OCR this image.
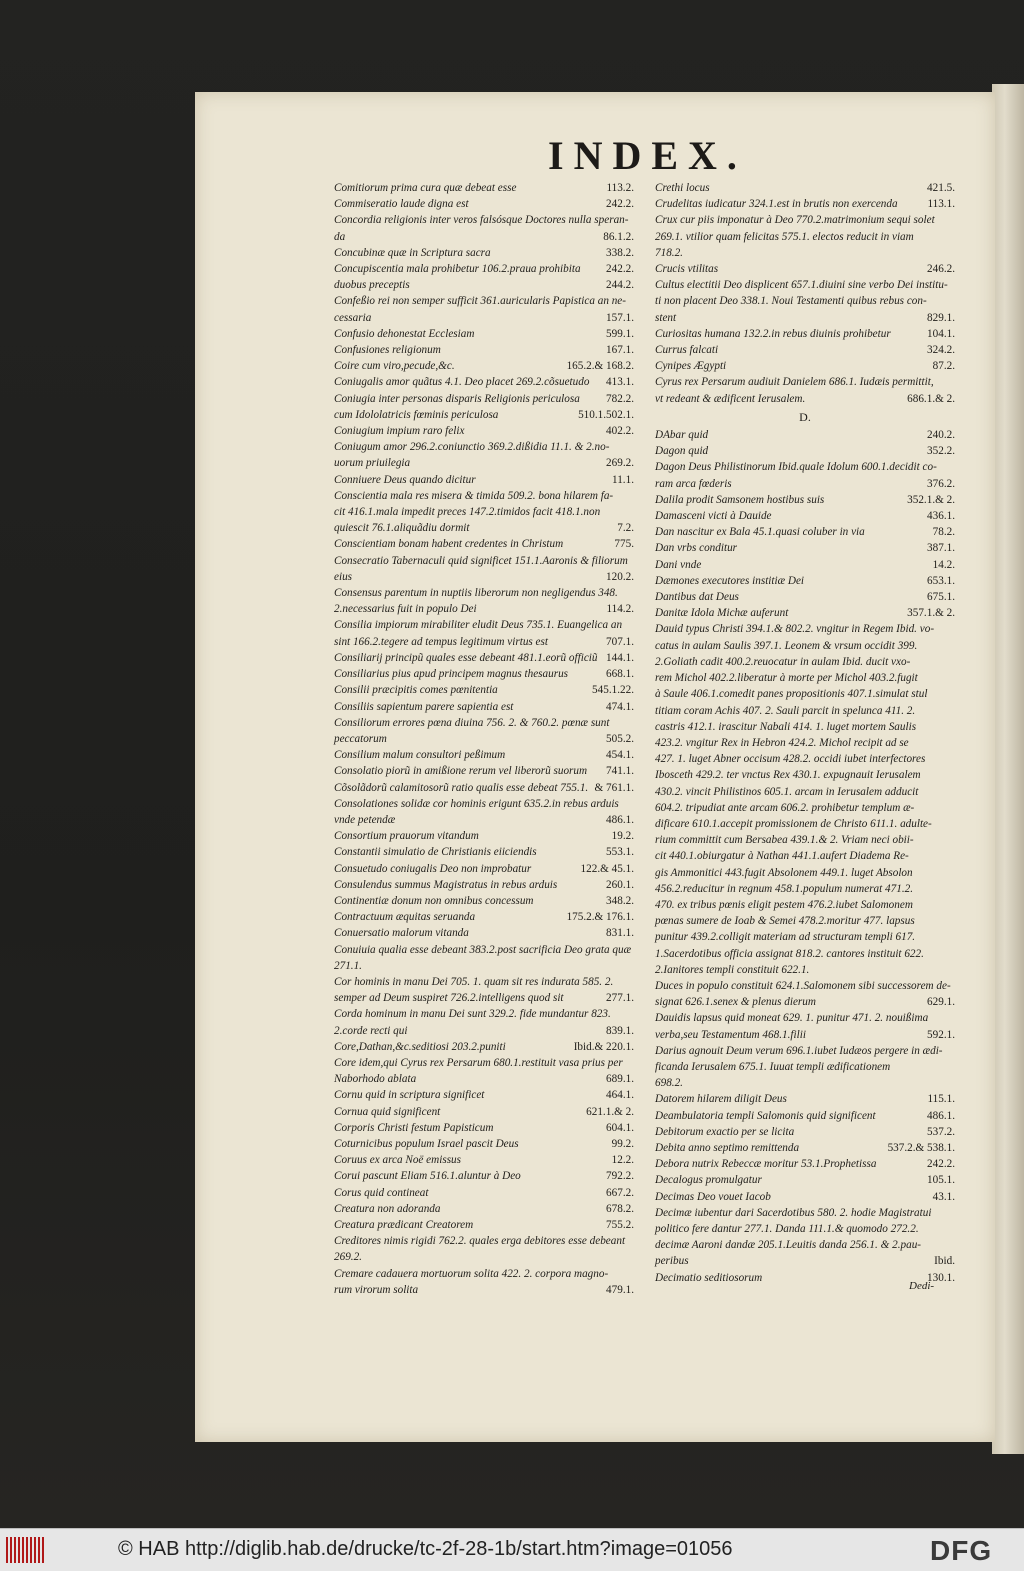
INDEX.
Comitiorum prima cura quæ debeat esse	113.2.
Commiseratio laude digna est	242.2.
Concordia religionis inter veros falsósque Doctores nulla speran-
da	86.1.2.
Concubinæ quæ in Scriptura sacra	338.2.
Concupiscentia mala prohibetur 106.2.praua prohibita 242.2.
duobus preceptis	244.2.
Confeßio rei non semper sufficit 361.auricularis Papistica an ne-
cessaria	157.1.
Confusio dehonestat Ecclesiam	599.1.
Confusiones religionum	167.1.
Coire cum viro,pecude,&c.	165.2.& 168.2.
Coniugalis amor quãtus 4.1. Deo placet 269.2.cõsuetudo 413.1.
Coniugia inter personas disparis Religionis periculosa 782.2.
cum Idololatricis fœminis periculosa	510.1.502.1.
Coniugium impium raro felix	402.2.
Coniugum amor 296.2.coniunctio 369.2.dißidia 11.1. & 2.no-
uorum priuilegia	269.2.
Conniuere Deus quando dicitur	11.1.
Conscientia mala res misera & timida 509.2. bona hilarem fa-
cit 416.1.mala impedit preces 147.2.timidos facit 418.1.non
quiescit 76.1.aliquãdiu dormit	7.2.
Conscientiam bonam habent credentes in Christum	775.
Consecratio Tabernaculi quid significet 151.1.Aaronis & filiorum
eius	120.2.
Consensus parentum in nuptiis liberorum non negligendus 348.
2.necessarius fuit in populo Dei	114.2.
Consilia impiorum mirabiliter eludit Deus 735.1. Euangelica an
sint 166.2.tegere ad tempus legitimum virtus est	707.1.
Consiliarij principũ quales esse debeant 481.1.eorũ officiũ 144.1.
Consiliarius pius apud principem magnus thesaurus	668.1.
Consilii præcipitis comes pœnitentia	545.1.22.
Consiliis sapientum parere sapientia est	474.1.
Consiliorum errores pœna diuina 756. 2. & 760.2. pœnæ sunt
peccatorum	505.2.
Consilium malum consultori peßimum	454.1.
Consolatio piorũ in amißione rerum vel liberorũ suorum 741.1.
Cõsolãdorũ calamitosorũ ratio qualis esse debeat 755.1. & 761.1.
Consolationes solidæ cor hominis erigunt 635.2.in rebus arduis
vnde petendæ	486.1.
Consortium prauorum vitandum	19.2.
Constantii simulatio de Christianis eiiciendis	553.1.
Consuetudo coniugalis Deo non improbatur	122.& 45.1.
Consulendus summus Magistratus in rebus arduis	260.1.
Continentiæ donum non omnibus concessum	348.2.
Contractuum æquitas seruanda	175.2.& 176.1.
Conuersatio malorum vitanda	831.1.
Conuiuia qualia esse debeant 383.2.post sacrificia Deo grata quæ
271.1.
Cor hominis in manu Dei 705. 1. quam sit res indurata 585. 2.
semper ad Deum suspiret 726.2.intelligens quod sit	277.1.
Corda hominum in manu Dei sunt 329.2. fide mundantur 823.
2.corde recti qui	839.1.
Core,Dathan,&c.seditiosi 203.2.puniti	Ibid.& 220.1.
Core idem,qui Cyrus rex Persarum 680.1.restituit vasa prius per
Naborhodo ablata	689.1.
Cornu quid in scriptura significet	464.1.
Cornua quid significent	621.1.& 2.
Corporis Christi festum Papisticum	604.1.
Coturnicibus populum Israel pascit Deus	99.2.
Coruus ex arca Noë emissus	12.2.
Corui pascunt Eliam 516.1.aluntur à Deo	792.2.
Corus quid contineat	667.2.
Creatura non adoranda	678.2.
Creatura prædicant Creatorem	755.2.
Creditores nimis rigidi 762.2. quales erga debitores esse debeant
269.2.
Cremare cadauera mortuorum solita 422. 2. corpora magno-
rum virorum solita	479.1.
Crethi locus	421.5.
Crudelitas iudicatur 324.1.est in brutis non exercenda	113.1.
Crux cur piis imponatur à Deo 770.2.matrimonium sequi solet
269.1. vtilior quam felicitas 575.1. electos reducit in viam
718.2.
Crucis vtilitas	246.2.
Cultus electitii Deo displicent 657.1.diuini sine verbo Dei institu-
ti non placent Deo 338.1. Noui Testamenti quibus rebus con-
stent	829.1.
Curiositas humana 132.2.in rebus diuinis prohibetur	104.1.
Currus falcati	324.2.
Cynipes Ægypti	87.2.
Cyrus rex Persarum audiuit Danielem 686.1. Iudæis permittit,
vt redeant & ædificent Ierusalem.	686.1.& 2.
D.
DAbar quid	240.2.
Dagon quid	352.2.
Dagon Deus Philistinorum Ibid.quale Idolum 600.1.decidit co-
ram arca fœderis	376.2.
Dalila prodit Samsonem hostibus suis	352.1.& 2.
Damasceni victi à Dauide	436.1.
Dan nascitur ex Bala 45.1.quasi coluber in via	78.2.
Dan vrbs conditur	387.1.
Dani vnde	14.2.
Dæmones executores institiæ Dei	653.1.
Dantibus dat Deus	675.1.
Danitæ Idola Michæ auferunt	357.1.& 2.
Dauid typus Christi 394.1.& 802.2. vngitur in Regem Ibid. vo-
catus in aulam Saulis 397.1. Leonem & vrsum occidit 399.
2.Goliath cadit 400.2.reuocatur in aulam Ibid. ducit vxo-
rem Michol 402.2.liberatur à morte per Michol 403.2.fugit
à Saule 406.1.comedit panes propositionis 407.1.simulat stul
titiam coram Achis 407. 2. Sauli parcit in spelunca 411. 2.
castris 412.1. irascitur Nabali 414. 1. luget mortem Saulis
423.2. vngitur Rex in Hebron 424.2. Michol recipit ad se
427. 1. luget Abner occisum 428.2. occidi iubet interfectores
Ibosceth 429.2. ter vnctus Rex 430.1. expugnauit Ierusalem
430.2. vincit Philistinos 605.1. arcam in Ierusalem adducit
604.2. tripudiat ante arcam 606.2. prohibetur templum æ-
dificare 610.1.accepit promissionem de Christo 611.1. adulte-
rium committit cum Bersabea 439.1.& 2. Vriam neci obii-
cit 440.1.obiurgatur à Nathan 441.1.aufert Diadema Re-
gis Ammonitici 443.fugit Absolonem 449.1. luget Absolon
456.2.reducitur in regnum 458.1.populum numerat 471.2.
470. ex tribus pœnis eligit pestem 476.2.iubet Salomonem
pœnas sumere de Ioab & Semei 478.2.moritur 477. lapsus
punitur 439.2.colligit materiam ad structuram templi 617.
1.Sacerdotibus officia assignat 818.2. cantores instituit 622.
2.Ianitores templi constituit 622.1.
Duces in populo constituit 624.1.Salomonem sibi successorem de-
signat 626.1.senex & plenus dierum	629.1.
Dauidis lapsus quid moneat 629. 1. punitur 471. 2. nouißima
verba,seu Testamentum 468.1.filii	592.1.
Darius agnouit Deum verum 696.1.iubet Iudæos pergere in ædi-
ficanda Ierusalem 675.1. Iuuat templi ædificationem
698.2.
Datorem hilarem diligit Deus	115.1.
Deambulatoria templi Salomonis quid significent	486.1.
Debitorum exactio per se licita	537.2.
Debita anno septimo remittenda	537.2.& 538.1.
Debora nutrix Rebeccæ moritur 53.1.Prophetissa	242.2.
Decalogus promulgatur	105.1.
Decimas Deo vouet Iacob	43.1.
Decimæ iubentur dari Sacerdotibus 580. 2. hodie Magistratui
politico fere dantur 277.1. Danda 111.1.& quomodo 272.2.
decimæ Aaroni dandæ 205.1.Leuitis danda 256.1. & 2.pau-
peribus	Ibid.
Decimatio seditiosorum	130.1.
Dedi-
© HAB http://diglib.hab.de/drucke/tc-2f-28-1b/start.htm?image=01056	DFG
